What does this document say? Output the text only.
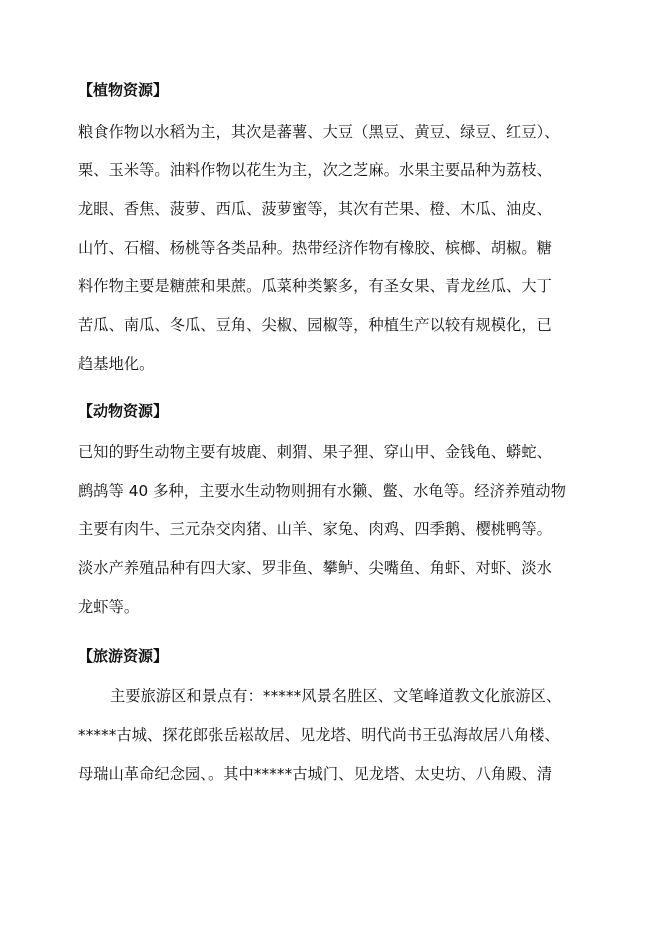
【植物资源】
粮食作物以水稻为主，其次是蕃薯、大豆（黑豆、黄豆、绿豆、红豆）、
栗、玉米等。油料作物以花生为主，次之芝麻。水果主要品种为荔枝、
龙眼、香焦、菠萝、西瓜、菠萝蜜等，其次有芒果、橙、木瓜、油皮、
山竹、石榴、杨桃等各类品种。热带经济作物有橡胶、槟榔、胡椒。糖
料作物主要是糖蔗和果蔗。瓜菜种类繁多，有圣女果、青龙丝瓜、大丁
苦瓜、南瓜、冬瓜、豆角、尖椒、园椒等，种植生产以较有规模化，已
趋基地化。
【动物资源】
已知的野生动物主要有坡鹿、刺猬、果子狸、穿山甲、金钱龟、蟒蛇、
鹧鸪等 40 多种，主要水生动物则拥有水獭、鳖、水龟等。经济养殖动物
主要有肉牛、三元杂交肉猪、山羊、家兔、肉鸡、四季鹅、樱桃鸭等。
淡水产养殖品种有四大家、罗非鱼、攀鲈、尖嘴鱼、角虾、对虾、淡水
龙虾等。
【旅游资源】
主要旅游区和景点有：*****风景名胜区、文笔峰道教文化旅游区、
*****古城、探花郎张岳崧故居、见龙塔、明代尚书王弘海故居八角楼、
母瑞山革命纪念园、。其中*****古城门、见龙塔、太史坊、八角殿、清
